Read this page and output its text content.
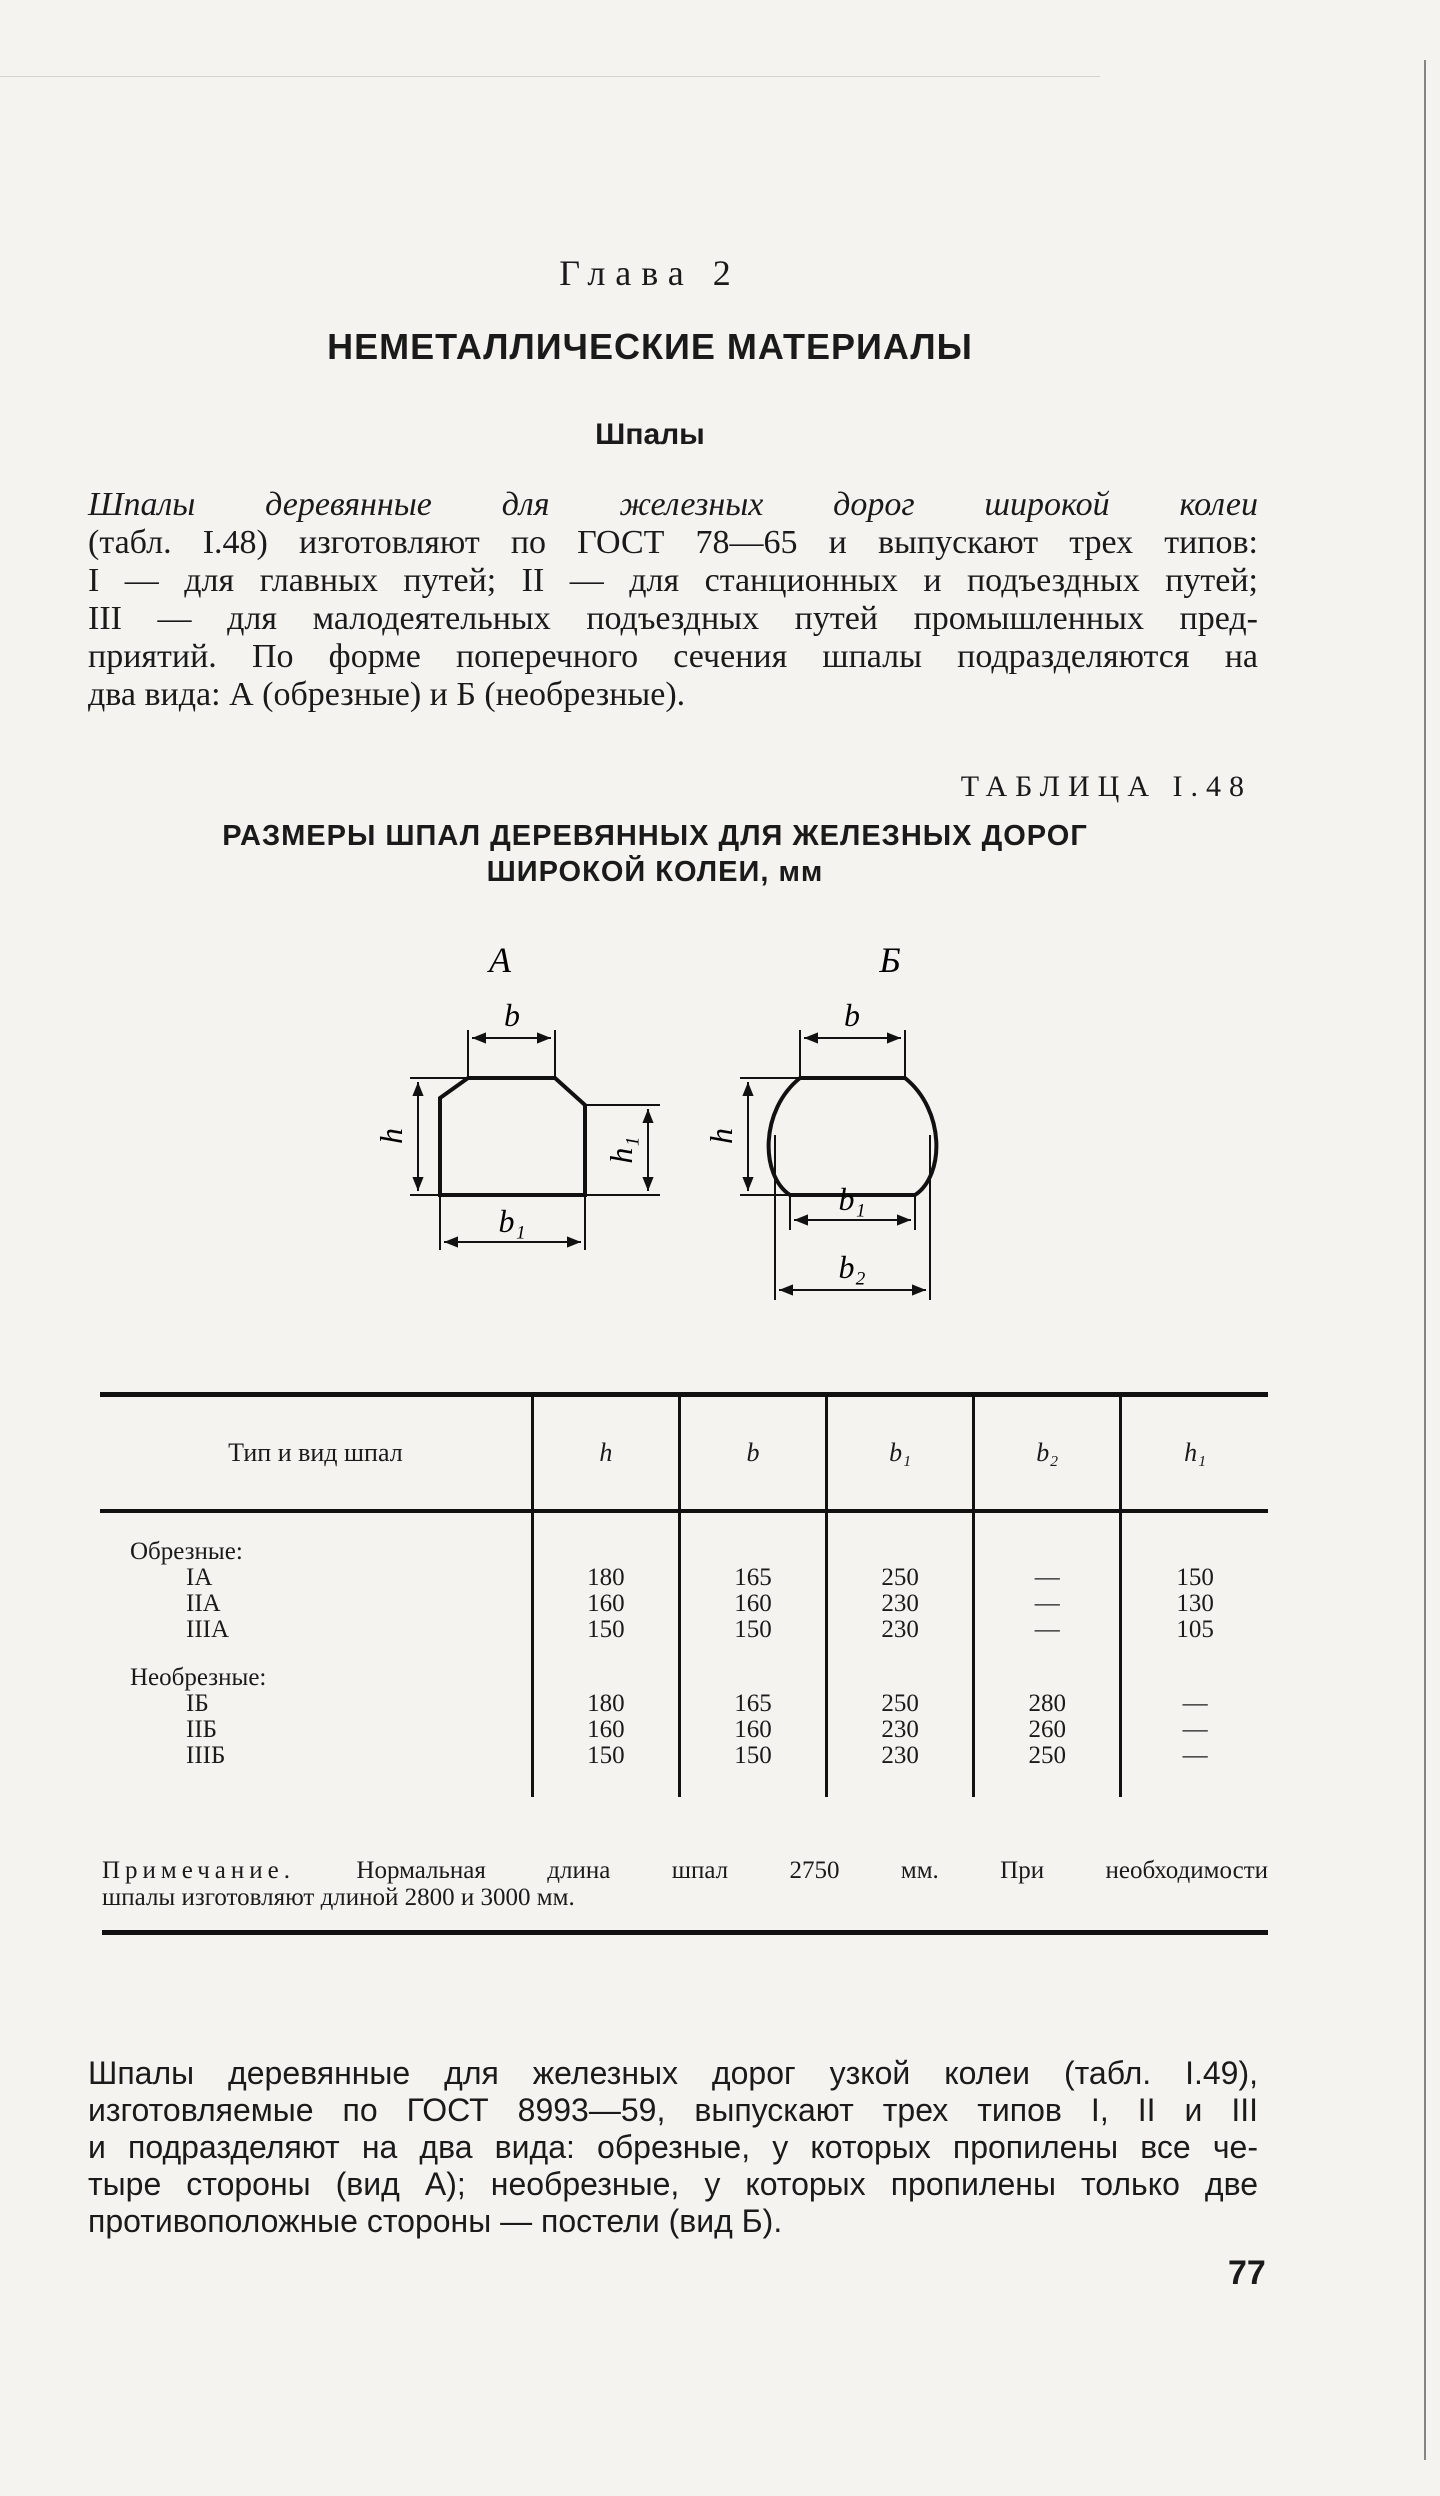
Глава 2
НЕМЕТАЛЛИЧЕСКИЕ МАТЕРИАЛЫ
Шпалы
Шпалы деревянные для железных дорог широкой колеи
(табл. I.48) изготовляют по ГОСТ 78—65 и выпускают трех типов:
I — для главных путей; II — для станционных и подъездных путей;
III — для малодеятельных подъездных путей промышленных пред-
приятий. По форме поперечного сечения шпалы подразделяются на
два вида: А (обрезные) и Б (необрезные).
ТАБЛИЦА I.48
РАЗМЕРЫ ШПАЛ ДЕРЕВЯННЫХ ДЛЯ ЖЕЛЕЗНЫХ ДОРОГ
ШИРОКОЙ КОЛЕИ, мм
А	Б
b
b₁
h
h₁
b
b₁
b₂
h
Тип и вид шпал	h	b	b₁	b₂	h₁
Обрезные:					
IA	180	165	250	—	150
IIA	160	160	230	—	130
IIIA	150	150	230	—	105

Необрезные:					
IБ	180	165	250	280	—
IIБ	160	160	230	260	—
IIIБ	150	150	230	250	—
Примечание. Нормальная длина шпал 2750 мм. При необходимости
шпалы изготовляют длиной 2800 и 3000 мм.
Шпалы деревянные для железных дорог узкой колеи (табл. I.49),
изготовляемые по ГОСТ 8993—59, выпускают трех типов I, II и III
и подразделяют на два вида: обрезные, у которых пропилены все че-
тыре стороны (вид А); необрезные, у которых пропилены только две
противоположные стороны — постели (вид Б).
77
